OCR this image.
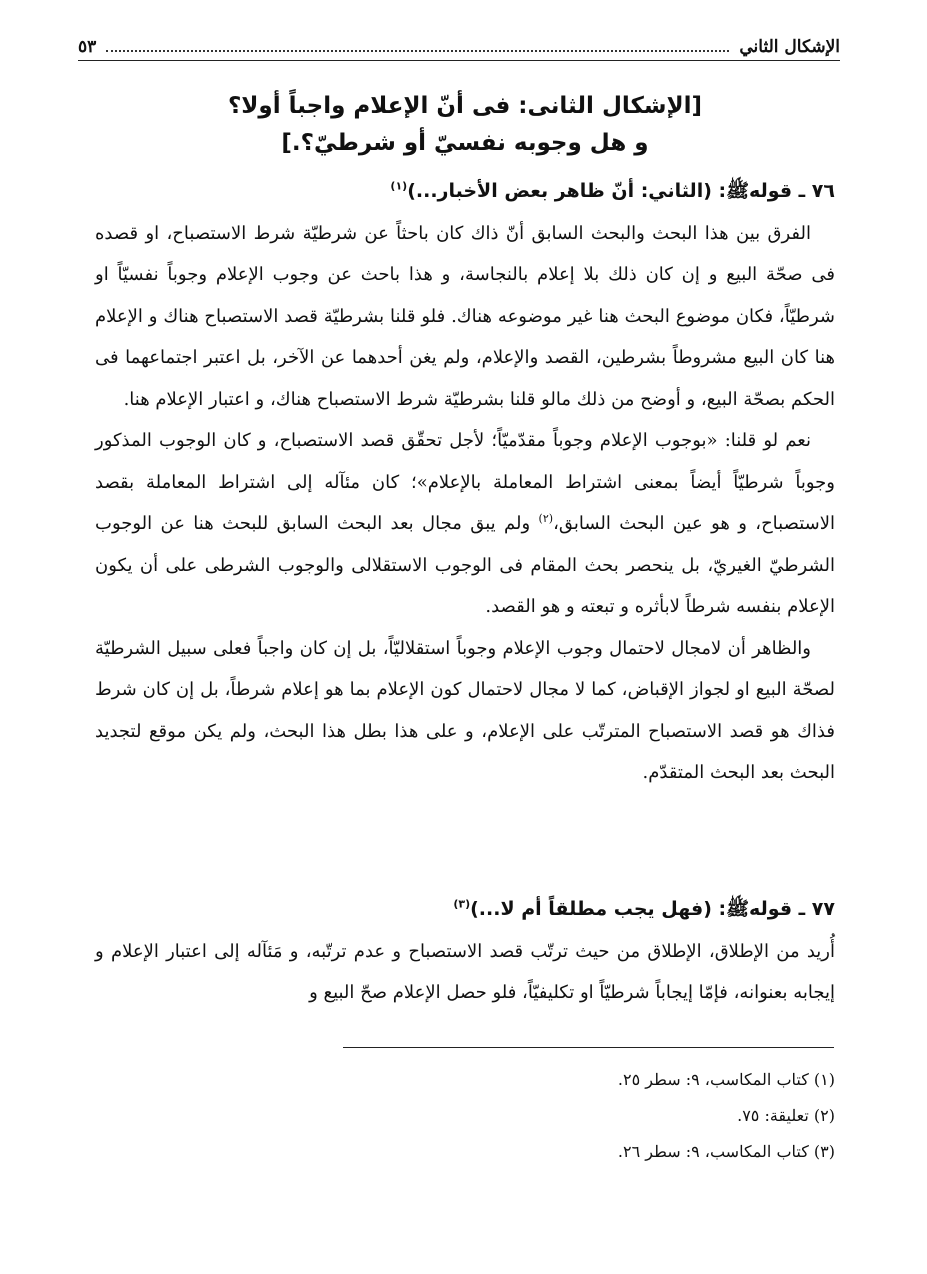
الإشكال الثاني
٥٣
[الإشكال الثانى: فى أنّ الإعلام واجباً أولا؟
و هل وجوبه نفسيّ أو شرطيّ؟.]

٧٦ ـ قوله‏ﷺ: (الثاني: أنّ ظاهر بعض الأخبار...)$^{(١)}$

الفرق بين هذا البحث والبحث السابق أنّ ذاك كان باحثاً عن شرطيّة شرط الاستصباح، او قصده فى صحّة البيع و إن كان ذلك بلا إعلام بالنجاسة، و هذا باحث عن وجوب الإعلام وجوباً نفسيّاً او شرطيّاً، فكان موضوع البحث هنا غير موضوعه هناك. فلو قلنا بشرطيّة قصد الاستصباح هناك و الإعلام هنا كان البيع مشروطاً بشرطين، القصد والإعلام، ولم يغن أحدهما عن الآخر، بل اعتبر اجتماعهما فى الحكم بصحّة البيع، و أوضح من ذلك مالو قلنا بشرطيّة شرط الاستصباح هناك، و اعتبار الإعلام هنا.

نعم لو قلنا: «بوجوب الإعلام وجوباً مقدّميّاً؛ لأجل تحقّق قصد الاستصباح، و كان الوجوب المذكور وجوباً شرطيّاً أيضاً بمعنى اشتراط المعاملة بالإعلام»؛ كان مئآله إلى اشتراط المعاملة بقصد الاستصباح، و هو عين البحث السابق،$^{(٢)}$ ولم يبق مجال بعد البحث السابق للبحث هنا عن الوجوب الشرطيّ الغيريّ، بل ينحصر بحث المقام فى الوجوب الاستقلالى والوجوب الشرطى على أن يكون الإعلام بنفسه شرطاً لابأثره و تبعته و هو القصد.

والظاهر أن لامجال لاحتمال وجوب الإعلام وجوباً استقلاليّاً، بل إن كان واجباً فعلى سبيل الشرطيّة لصحّة البيع او لجواز الإقباض، كما لا مجال لاحتمال كون الإعلام بما هو إعلام شرطاً، بل إن كان شرط فذاك هو قصد الاستصباح المترتّب على الإعلام، و على هذا بطل هذا البحث، ولم يكن موقع لتجديد البحث بعد البحث المتقدّم.

٧٧ ـ قوله‏ﷺ: (فهل يجب مطلقاً أم لا...)$^{(٣)}$

أُريد من الإطلاق، الإطلاق من حيث ترتّب قصد الاستصباح و عدم ترتّبه، و مَئآله إلى اعتبار الإعلام و إيجابه بعنوانه، فإمّا إيجاباً شرطيّاً او تكليفيّاً، فلو حصل الإعلام صحّ البيع و

(١) كتاب المكاسب، ٩: سطر ٢٥.

(٢) تعليقة: ٧٥.

(٣) كتاب المكاسب، ٩: سطر ٢٦.
